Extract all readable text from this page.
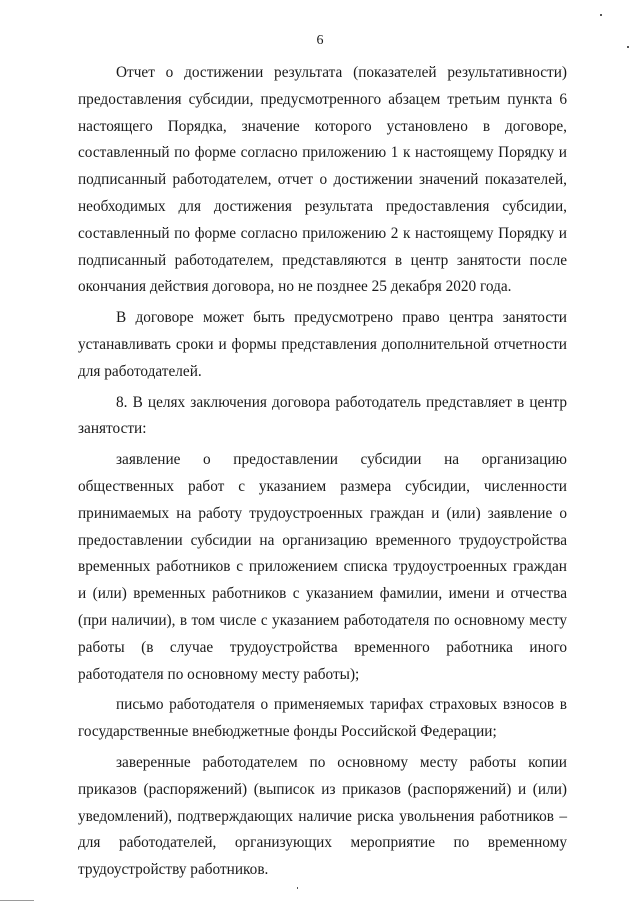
6

Отчет о достижении результата (показателей результативности) предоставления субсидии, предусмотренного абзацем третьим пункта 6 настоящего Порядка, значение которого установлено в договоре, составленный по форме согласно приложению 1 к настоящему Порядку и подписанный работодателем, отчет о достижении значений показателей, необходимых для достижения результата предоставления субсидии, составленный по форме согласно приложению 2 к настоящему Порядку и подписанный работодателем, представляются в центр занятости после окончания действия договора, но не позднее 25 декабря 2020 года.

В договоре может быть предусмотрено право центра занятости устанавливать сроки и формы представления дополнительной отчетности для работодателей.

8. В целях заключения договора работодатель представляет в центр занятости:

заявление о предоставлении субсидии на организацию общественных работ с указанием размера субсидии, численности принимаемых на работу трудоустроенных граждан и (или) заявление о предоставлении субсидии на организацию временного трудоустройства временных работников с приложением списка трудоустроенных граждан и (или) временных работников с указанием фамилии, имени и отчества (при наличии), в том числе с указанием работодателя по основному месту работы (в случае трудоустройства временного работника иного работодателя по основному месту работы);

письмо работодателя о применяемых тарифах страховых взносов в государственные внебюджетные фонды Российской Федерации;

заверенные работодателем по основному месту работы копии приказов (распоряжений) (выписок из приказов (распоряжений) и (или) уведомлений), подтверждающих наличие риска увольнения работников – для работодателей, организующих мероприятие по временному трудоустройству работников.
